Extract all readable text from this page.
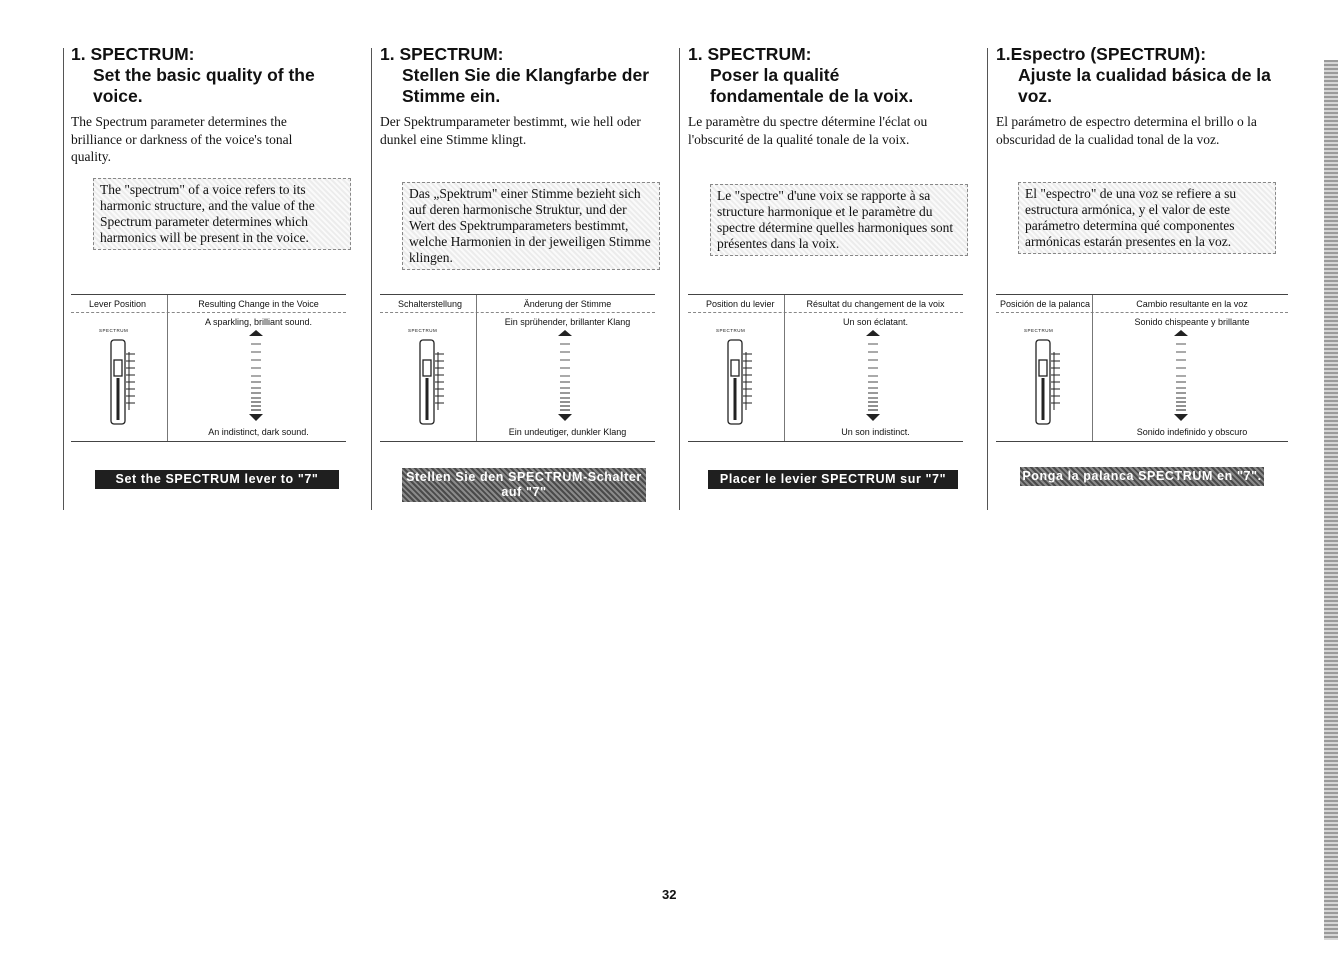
1. SPECTRUM:
Set the basic quality of the voice.

The Spectrum parameter determines the brilliance or darkness of the voice's tonal quality.

The "spectrum" of a voice refers to its harmonic structure, and the value of the Spectrum parameter determines which harmonics will be present in the voice.
Lever Position	Resulting Change in the Voice
SPECTRUM
A sparkling, brilliant sound.
An indistinct, dark sound.
Set the SPECTRUM lever to "7"
1. SPECTRUM:
Stellen Sie die Klangfarbe der Stimme ein.

Der Spektrumparameter bestimmt, wie hell oder dunkel eine Stimme klingt.

Das „Spektrum" einer Stimme bezieht sich auf deren harmonische Struktur, und der Wert des Spektrumparameters bestimmt, welche Harmonien in der jeweiligen Stimme klingen.
Schalterstellung	Änderung der Stimme
SPECTRUM
Ein sprühender, brillanter Klang
Ein undeutiger, dunkler Klang
Stellen Sie den SPECTRUM-Schalter auf "7"
1. SPECTRUM:
Poser la qualité fondamentale de la voix.

Le paramètre du spectre détermine l'éclat ou l'obscurité de la qualité tonale de la voix.

Le "spectre" d'une voix se rapporte à sa structure harmonique et le paramètre du spectre détermine quelles harmoniques sont présentes dans la voix.
Position du levier	Résultat du changement de la voix
SPECTRUM
Un son éclatant.
Un son indistinct.
Placer le levier SPECTRUM sur "7"
1.Espectro (SPECTRUM):
Ajuste la cualidad básica de la voz.

El parámetro de espectro determina el brillo o la obscuridad de la cualidad tonal de la voz.

El "espectro" de una voz se refiere a su estructura armónica, y el valor de este parámetro determina qué componentes armónicas estarán presentes en la voz.
Posición de la palanca	Cambio resultante en la voz
SPECTRUM
Sonido chispeante y brillante
Sonido indefinido y obscuro
Ponga la palanca SPECTRUM en "7".
32
